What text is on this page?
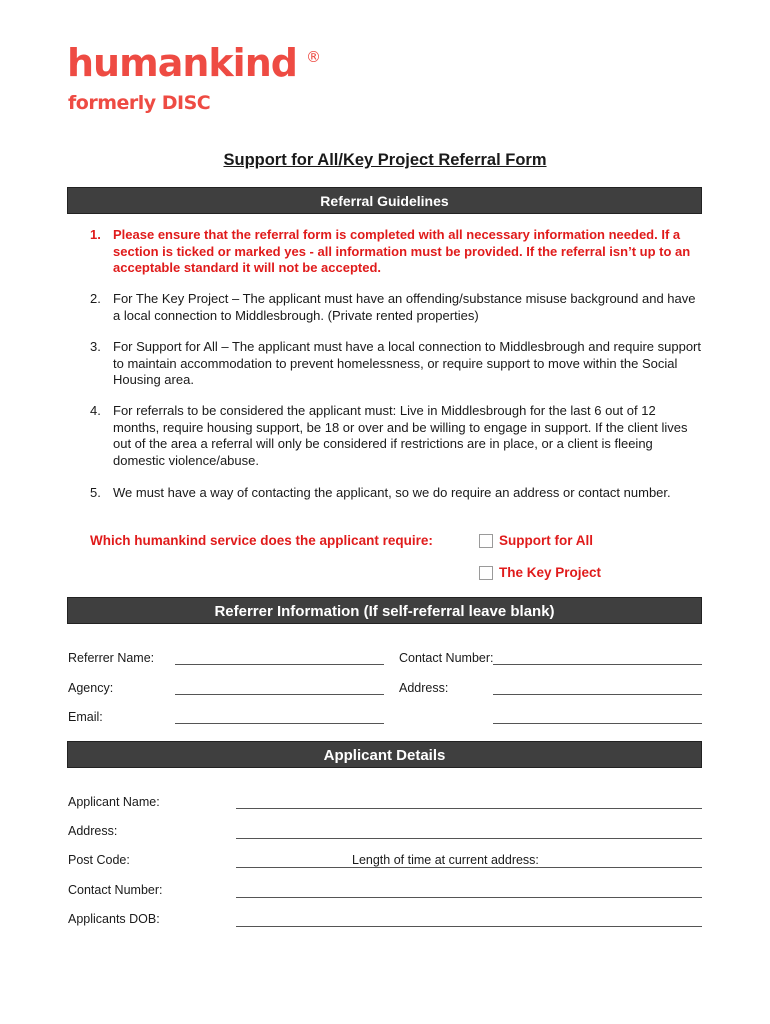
humankind ®
formerly DISC
Support for All/Key Project Referral Form
Referral Guidelines
1. Please ensure that the referral form is completed with all necessary information needed. If a section is ticked or marked yes - all information must be provided. If the referral isn’t up to an acceptable standard it will not be accepted.
2. For The Key Project – The applicant must have an offending/substance misuse background and have a local connection to Middlesbrough. (Private rented properties)
3. For Support for All – The applicant must have a local connection to Middlesbrough and require support to maintain accommodation to prevent homelessness, or require support to move within the Social Housing area.
4. For referrals to be considered the applicant must: Live in Middlesbrough for the last 6 out of 12 months, require housing support, be 18 or over and be willing to engage in support. If the client lives out of the area a referral will only be considered if restrictions are in place, or a client is fleeing domestic violence/abuse.
5. We must have a way of contacting the applicant, so we do require an address or contact number.
Which humankind service does the applicant require:	Support for All
The Key Project
Referrer Information (If self-referral leave blank)
Referrer Name:	Contact Number:
Agency:	Address:
Email:
Applicant Details
Applicant Name:
Address:
Post Code:	Length of time at current address:
Contact Number:
Applicants DOB:
